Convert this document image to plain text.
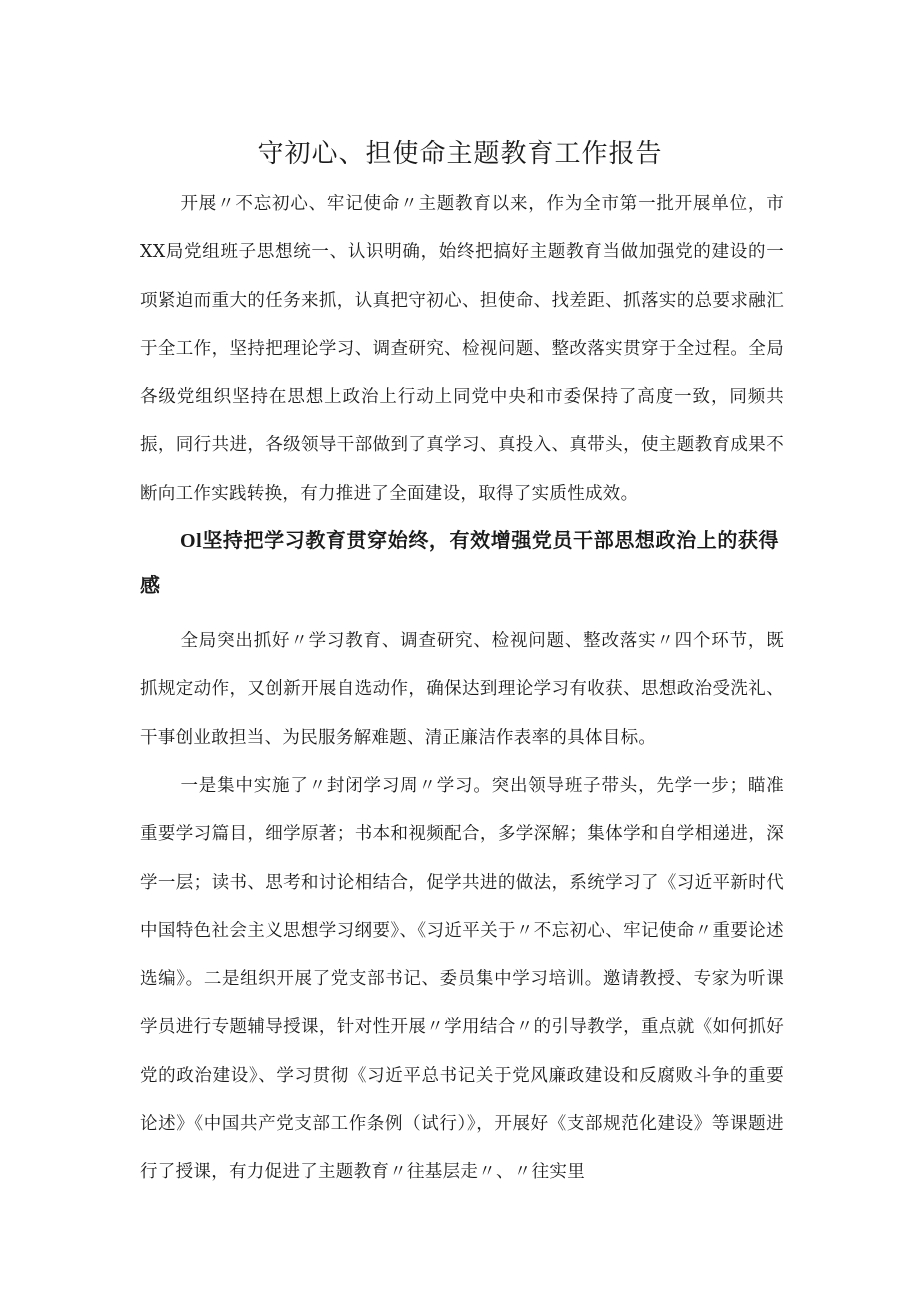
守初心、担使命主题教育工作报告

开展〃不忘初心、牢记使命〃主题教育以来，作为全市第一批开展单位，市XX局党组班子思想统一、认识明确，始终把搞好主题教育当做加强党的建设的一项紧迫而重大的任务来抓，认真把守初心、担使命、找差距、抓落实的总要求融汇于全工作，坚持把理论学习、调查研究、检视问题、整改落实贯穿于全过程。全局各级党组织坚持在思想上政治上行动上同党中央和市委保持了高度一致，同频共振，同行共进，各级领导干部做到了真学习、真投入、真带头，使主题教育成果不断向工作实践转换，有力推进了全面建设，取得了实质性成效。

Ol坚持把学习教育贯穿始终，有效增强党员干部思想政治上的获得感

全局突出抓好〃学习教育、调查研究、检视问题、整改落实〃四个环节，既抓规定动作，又创新开展自选动作，确保达到理论学习有收获、思想政治受洗礼、干事创业敢担当、为民服务解难题、清正廉洁作表率的具体目标。

一是集中实施了〃封闭学习周〃学习。突出领导班子带头，先学一步；瞄准重要学习篇目，细学原著；书本和视频配合，多学深解；集体学和自学相递进，深学一层；读书、思考和讨论相结合，促学共进的做法，系统学习了《习近平新时代中国特色社会主义思想学习纲要》、《习近平关于〃不忘初心、牢记使命〃重要论述选编》。二是组织开展了党支部书记、委员集中学习培训。邀请教授、专家为听课学员进行专题辅导授课，针对性开展〃学用结合〃的引导教学，重点就《如何抓好党的政治建设》、学习贯彻《习近平总书记关于党风廉政建设和反腐败斗争的重要论述》《中国共产党支部工作条例（试行）》，开展好《支部规范化建设》等课题进行了授课，有力促进了主题教育〃往基层走〃、〃往实里
